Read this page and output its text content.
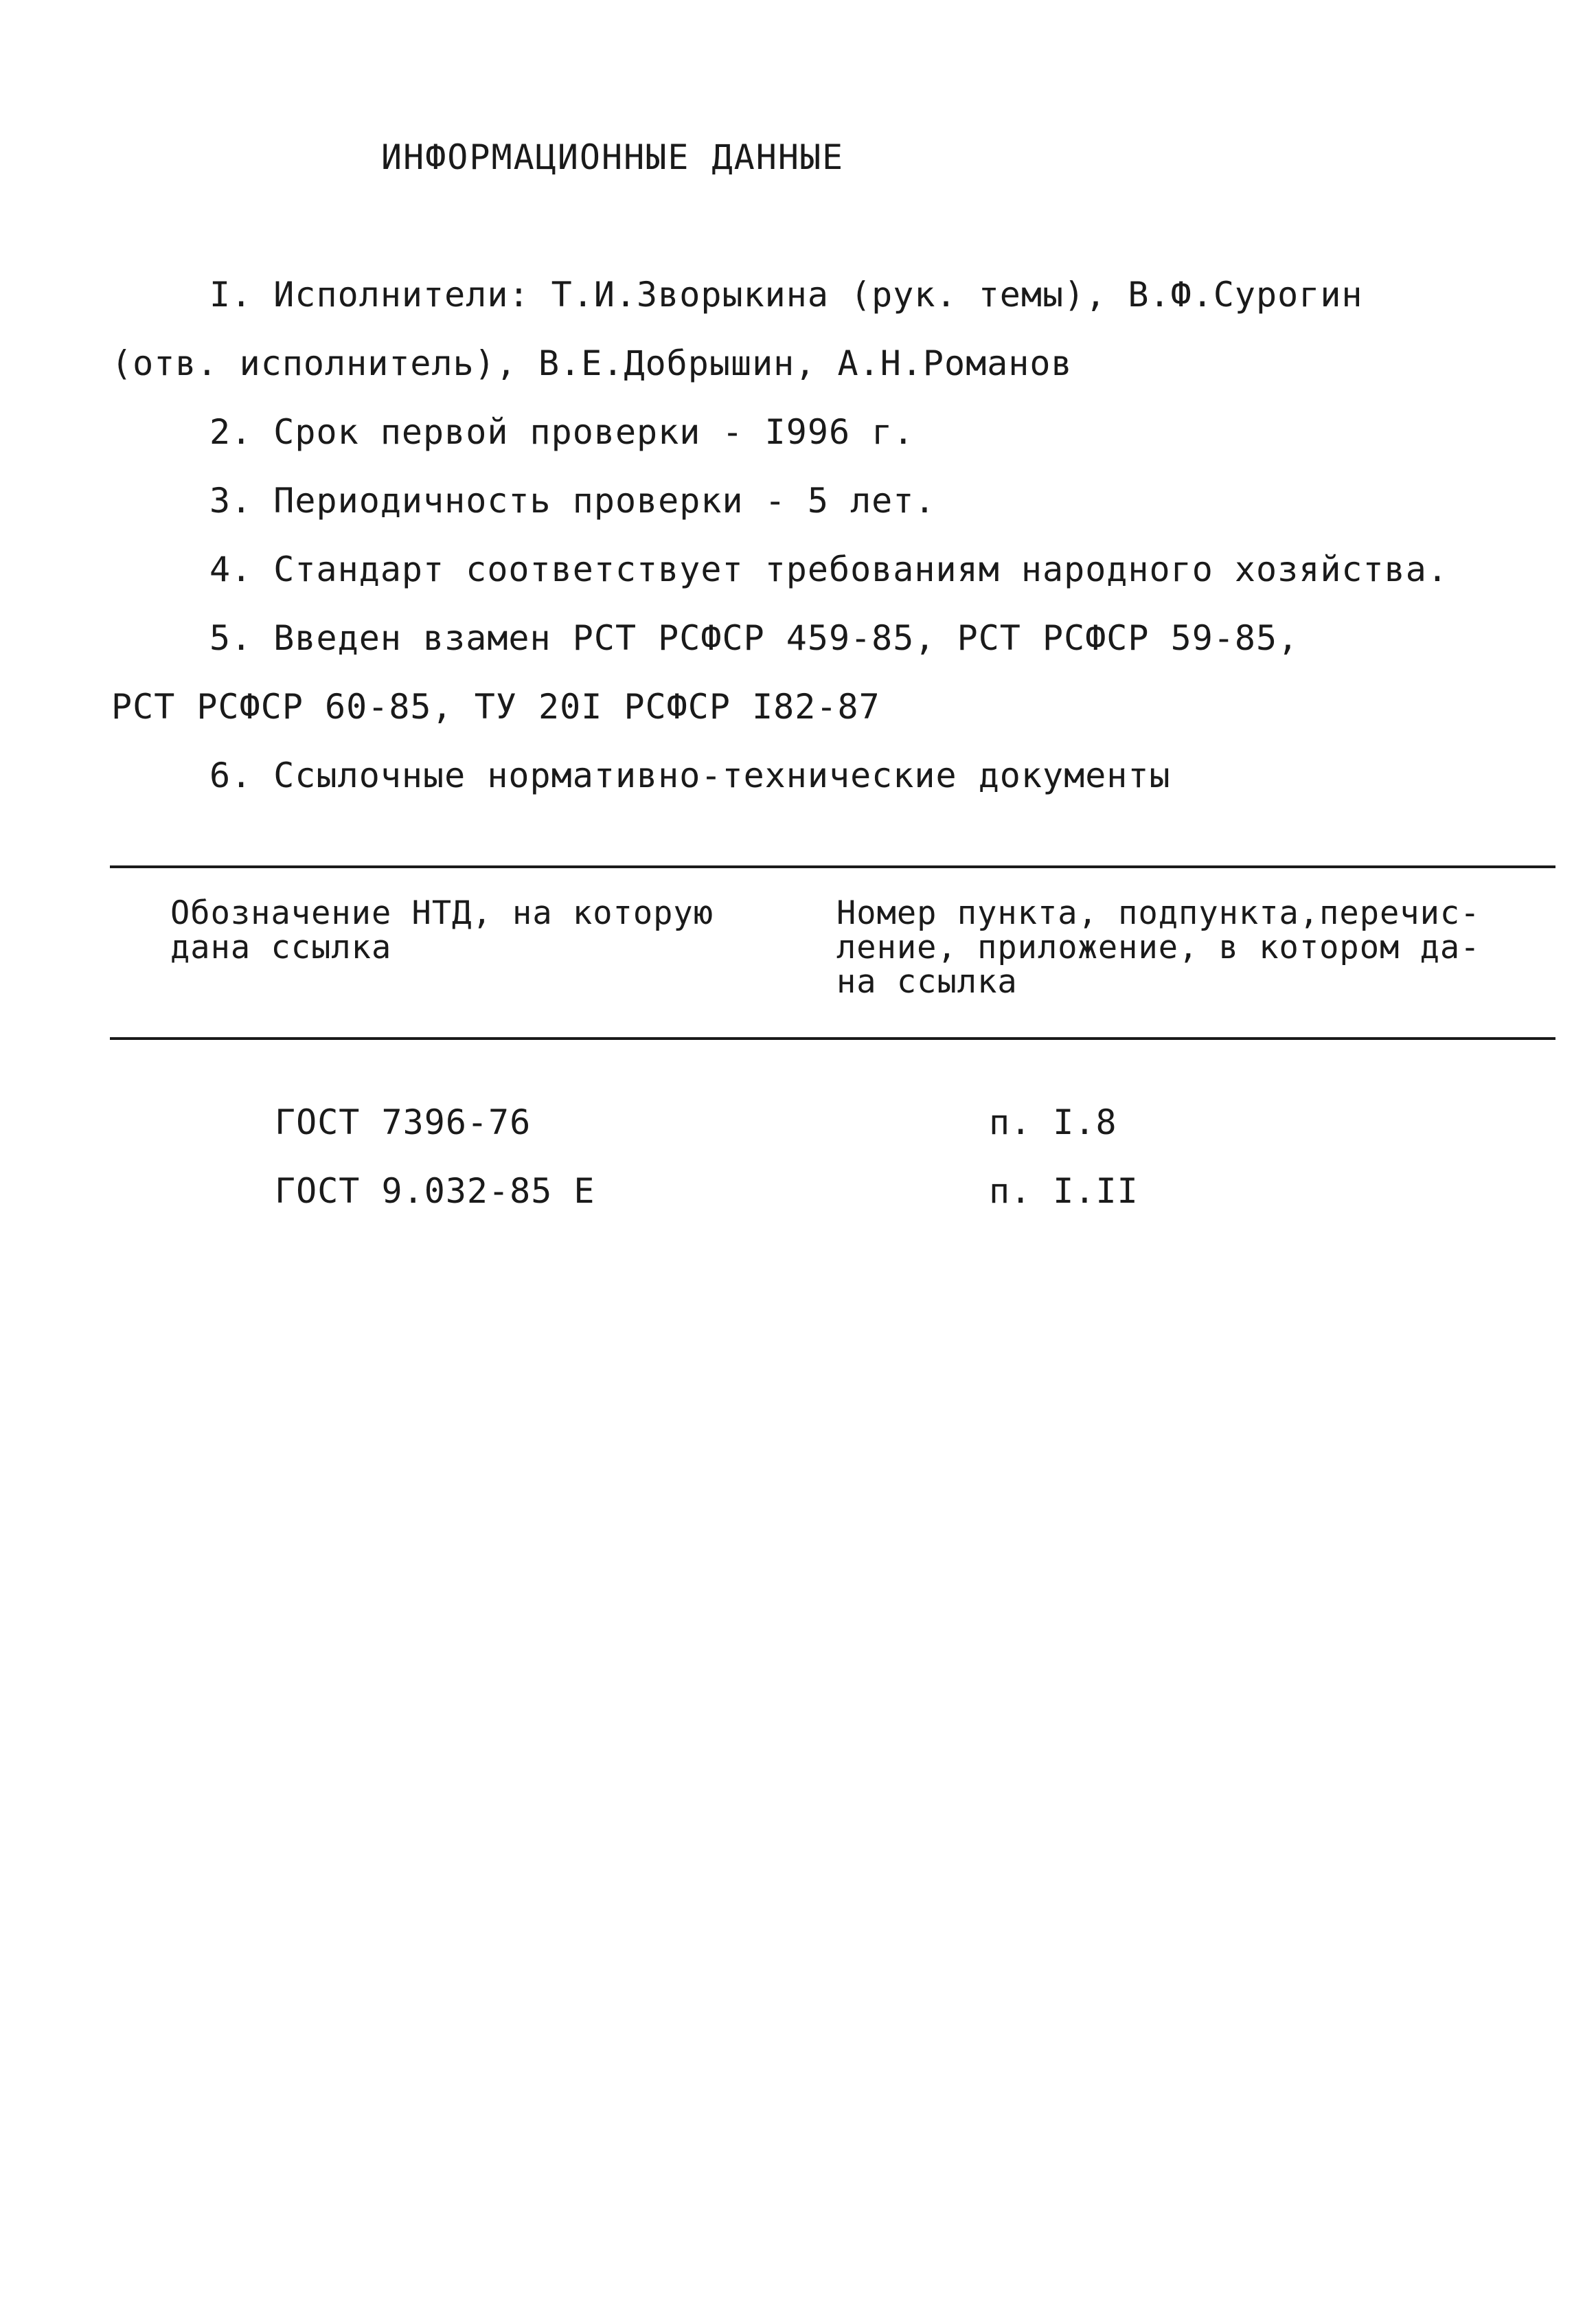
ИНФОРМАЦИОННЫЕ ДАННЫЕ
I. Исполнители: Т.И.Зворыкина (рук. темы), В.Ф.Сурогин
(отв. исполнитель), В.Е.Добрышин, А.Н.Романов
2. Срок первой проверки - I996 г.
3. Периодичность проверки - 5 лет.
4. Стандарт соответствует требованиям народного хозяйства.
5. Введен взамен РСТ РСФСР 459-85, РСТ РСФСР 59-85,
РСТ РСФСР 60-85, ТУ 20I РСФСР I82-87
6. Ссылочные нормативно-технические документы
Обозначение НТД, на которую
дана ссылка
Номер пункта, подпункта,перечис-
ление, приложение, в котором да-
на ссылка
ГОСТ 7396-76	п. I.8
ГОСТ 9.032-85 Е	п. I.II
